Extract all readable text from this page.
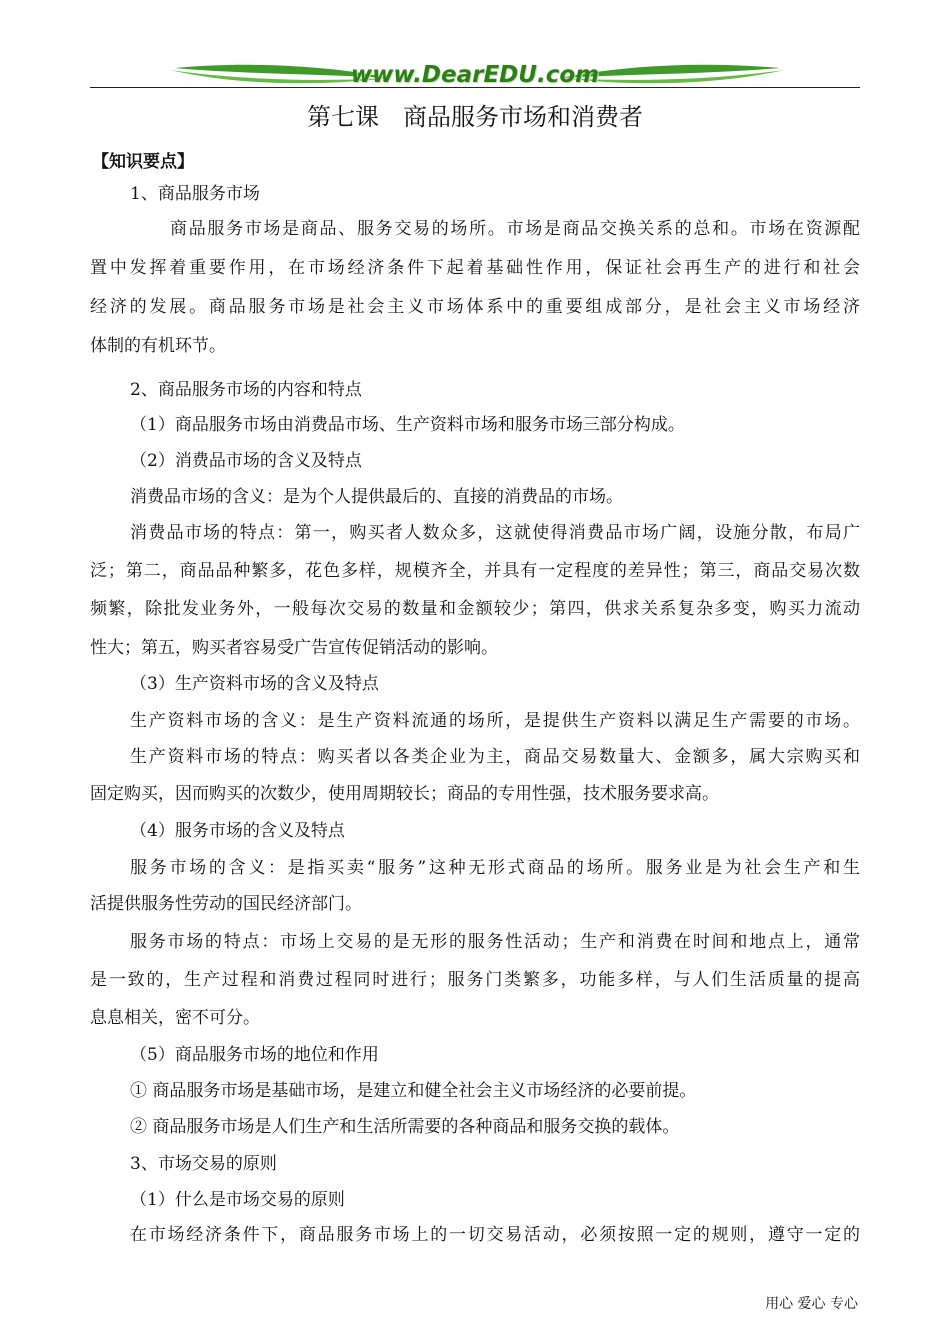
www.DearEDU.com
第七课　商品服务市场和消费者
【知识要点】
1、商品服务市场
商品服务市场是商品、服务交易的场所。市场是商品交换关系的总和。市场在资源配
置中发挥着重要作用，在市场经济条件下起着基础性作用，保证社会再生产的进行和社会
经济的发展。商品服务市场是社会主义市场体系中的重要组成部分，是社会主义市场经济
体制的有机环节。
2、商品服务市场的内容和特点
（1）商品服务市场由消费品市场、生产资料市场和服务市场三部分构成。
（2）消费品市场的含义及特点
消费品市场的含义：是为个人提供最后的、直接的消费品的市场。
消费品市场的特点：第一，购买者人数众多，这就使得消费品市场广阔，设施分散，布局广
泛；第二，商品品种繁多，花色多样，规模齐全，并具有一定程度的差异性；第三，商品交易次数
频繁，除批发业务外，一般每次交易的数量和金额较少；第四，供求关系复杂多变，购买力流动
性大；第五，购买者容易受广告宣传促销活动的影响。
（3）生产资料市场的含义及特点
生产资料市场的含义：是生产资料流通的场所，是提供生产资料以满足生产需要的市场。
生产资料市场的特点：购买者以各类企业为主，商品交易数量大、金额多，属大宗购买和
固定购买，因而购买的次数少，使用周期较长；商品的专用性强，技术服务要求高。
（4）服务市场的含义及特点
服务市场的含义：是指买卖“服务”这种无形式商品的场所。服务业是为社会生产和生
活提供服务性劳动的国民经济部门。
服务市场的特点：市场上交易的是无形的服务性活动；生产和消费在时间和地点上，通常
是一致的，生产过程和消费过程同时进行；服务门类繁多，功能多样，与人们生活质量的提高
息息相关，密不可分。
（5）商品服务市场的地位和作用
① 商品服务市场是基础市场，是建立和健全社会主义市场经济的必要前提。
② 商品服务市场是人们生产和生活所需要的各种商品和服务交换的载体。
3、市场交易的原则
（1）什么是市场交易的原则
在市场经济条件下，商品服务市场上的一切交易活动，必须按照一定的规则，遵守一定的
用心 爱心 专心
